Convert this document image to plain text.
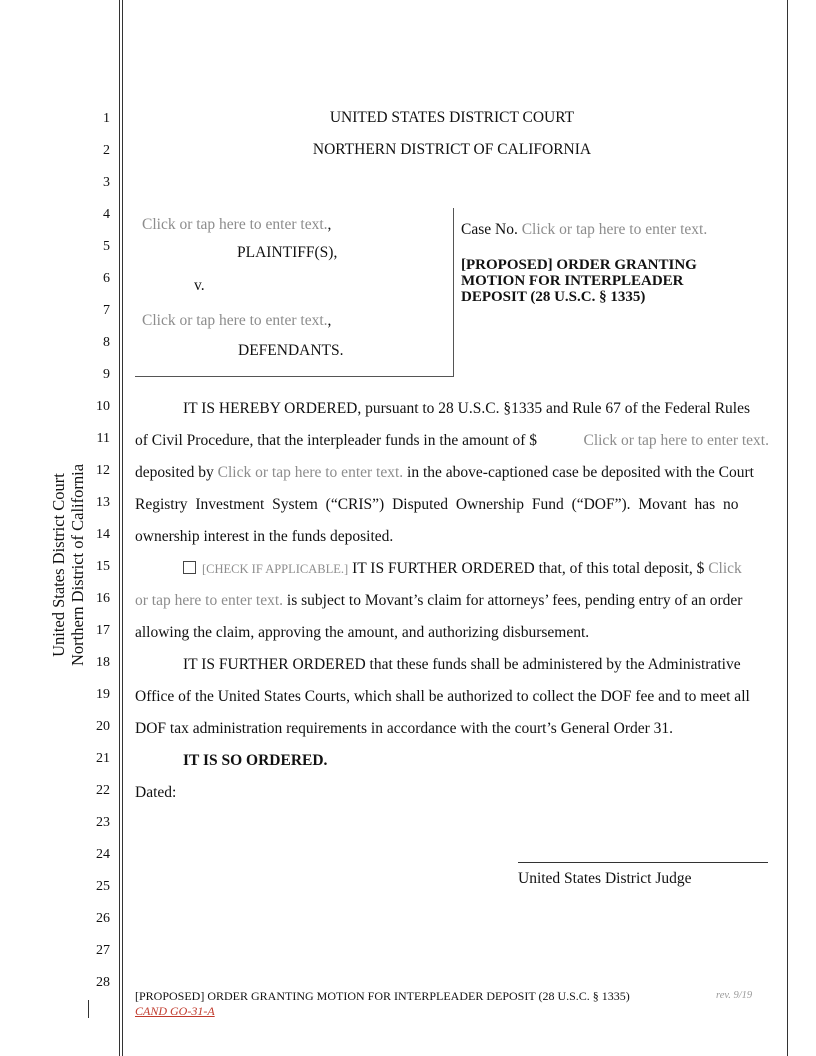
1
2
3
4
5
6
7
8
9
10
11
12
13
14
15
16
17
18
19
20
21
22
23
24
25
26
27
28
United States District Court Northern District of California
UNITED STATES DISTRICT COURT
NORTHERN DISTRICT OF CALIFORNIA
Click or tap here to enter text.,
PLAINTIFF(S),
v.
Click or tap here to enter text.,
DEFENDANTS.
Case No. Click or tap here to enter text.
[PROPOSED] ORDER GRANTING
MOTION FOR INTERPLEADER
DEPOSIT (28 U.S.C. § 1335)
IT IS HEREBY ORDERED, pursuant to 28 U.S.C. §1335 and Rule 67 of the Federal Rules
of Civil Procedure, that the interpleader funds in the amount of $	Click or tap here to enter text.
deposited by Click or tap here to enter text. in the above-captioned case be deposited with the Court
Registry Investment System (“CRIS”) Disputed Ownership Fund (“DOF”). Movant has no
ownership interest in the funds deposited.
[CHECK IF APPLICABLE.] IT IS FURTHER ORDERED that, of this total deposit, $ Click
or tap here to enter text. is subject to Movant’s claim for attorneys’ fees, pending entry of an order
allowing the claim, approving the amount, and authorizing disbursement.
IT IS FURTHER ORDERED that these funds shall be administered by the Administrative
Office of the United States Courts, which shall be authorized to collect the DOF fee and to meet all
DOF tax administration requirements in accordance with the court’s General Order 31.
IT IS SO ORDERED.
Dated:
United States District Judge
[PROPOSED] ORDER GRANTING MOTION FOR INTERPLEADER DEPOSIT (28 U.S.C. § 1335)	rev. 9/19
CAND GO-31-A
